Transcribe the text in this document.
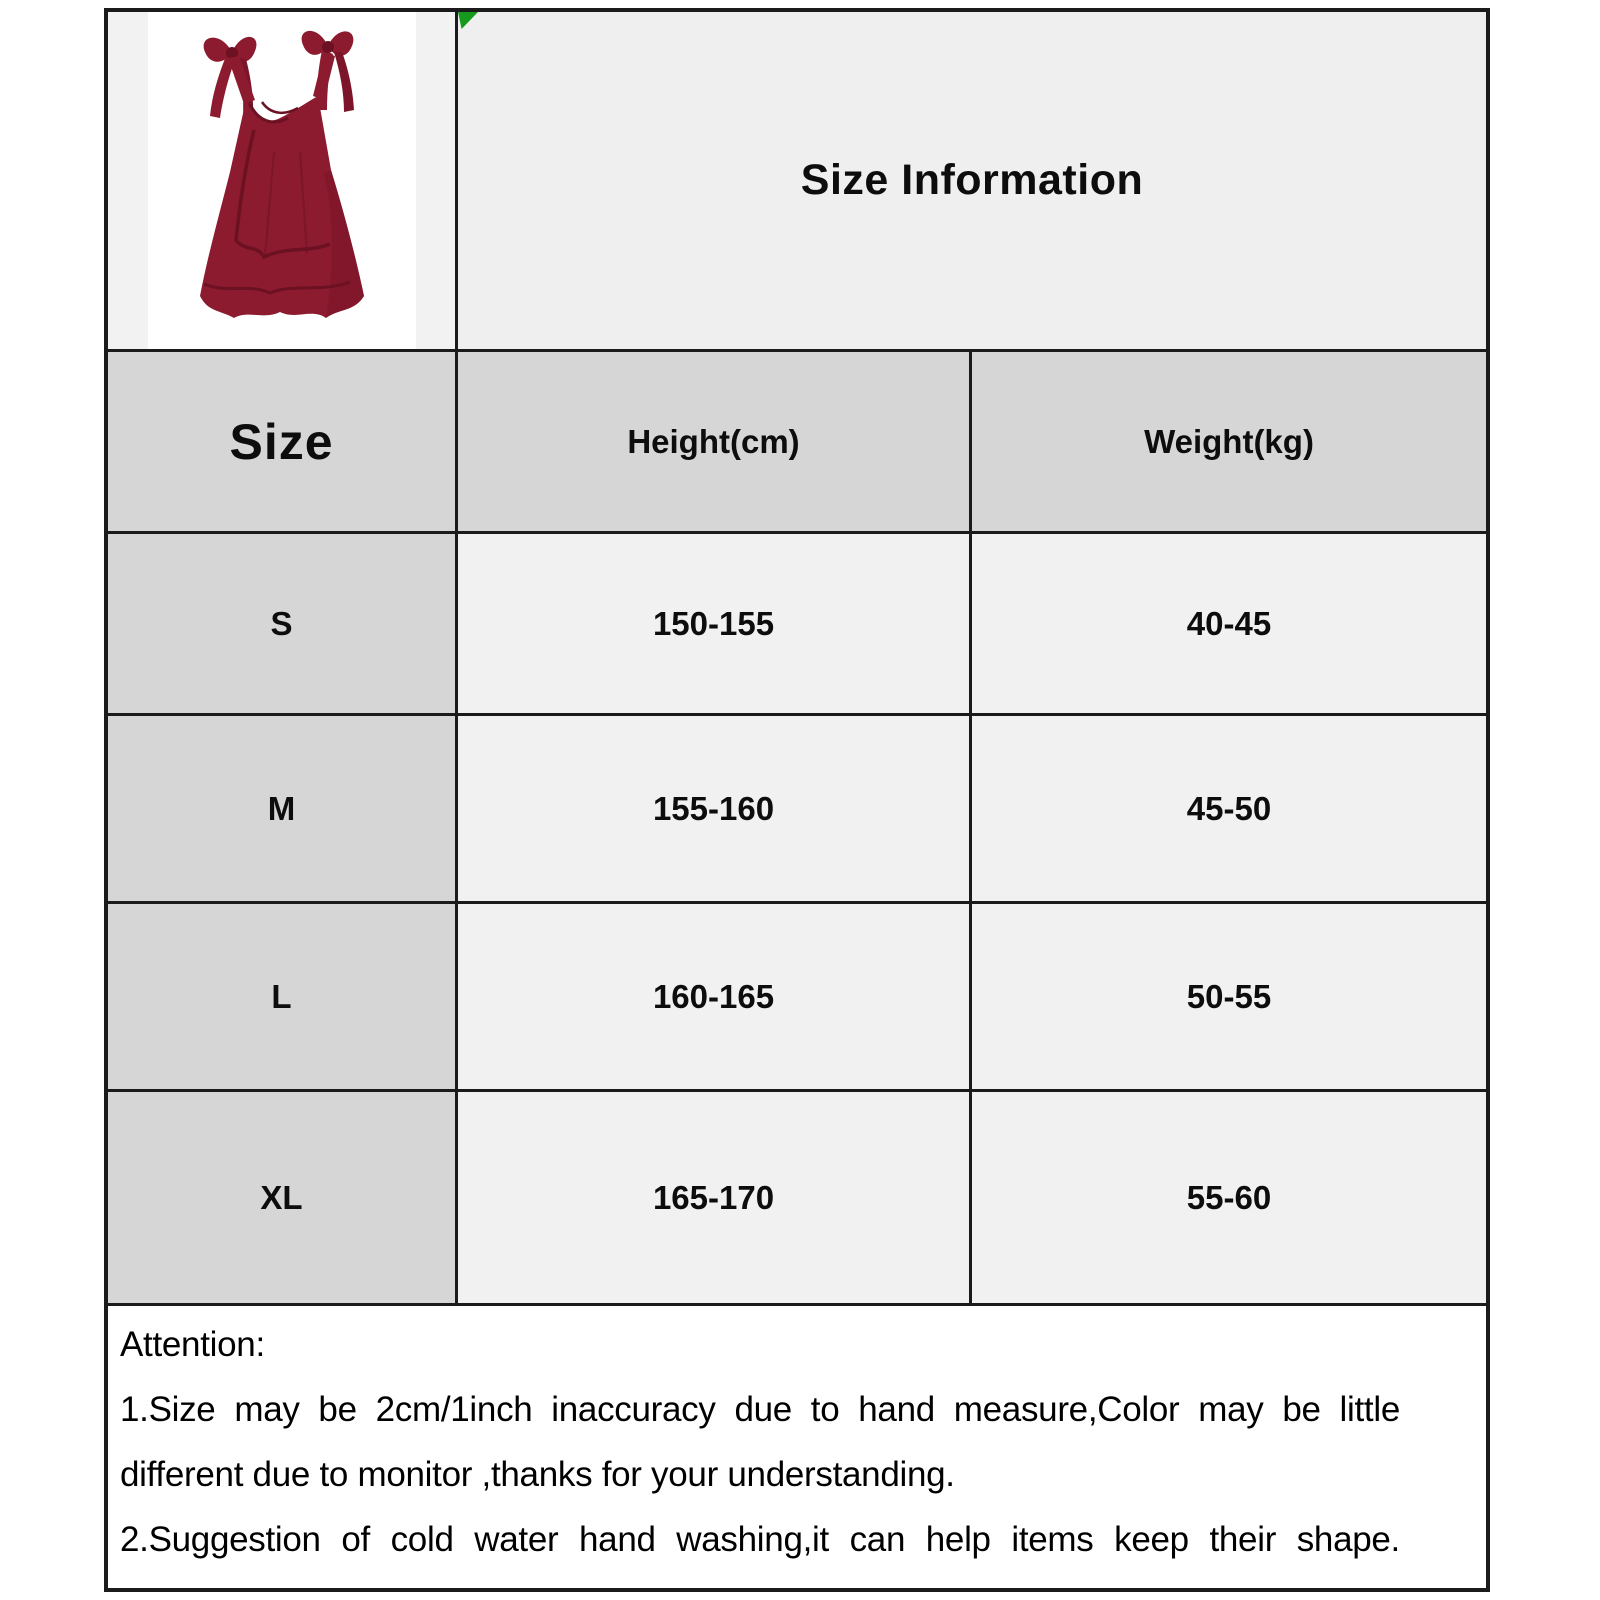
Size Information
Size	Height(cm)	Weight(kg)
S	150-155	40-45
M	155-160	45-50
L	160-165	50-55
XL	165-170	55-60
Attention:
1.Size may be 2cm/1inch inaccuracy due to hand measure,Color may be little
different due to monitor ,thanks for your understanding.
2.Suggestion of cold water hand washing,it can help items keep their shape.
